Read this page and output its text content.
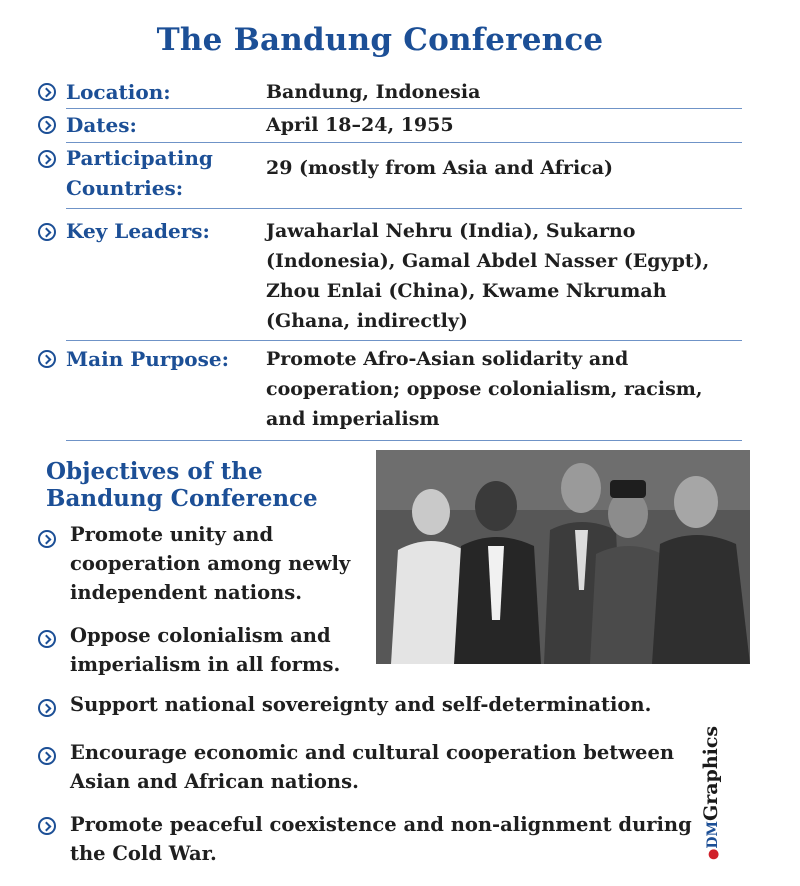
The Bandung Conference
Location:	Bandung, Indonesia
Dates:	April 18–24, 1955
Participating Countries:
29 (mostly from Asia and Africa)
Key Leaders:	Jawaharlal Nehru (India), Sukarno (Indonesia), Gamal Abdel Nasser (Egypt), Zhou Enlai (China), Kwame Nkrumah (Ghana, indirectly)
Main Purpose:	Promote Afro-Asian solidarity and cooperation; oppose colonialism, racism, and imperialism
Objectives of the Bandung Conference
Promote unity and cooperation among newly independent nations.
Oppose colonialism and imperialism in all forms.
Support national sovereignty and self-determination.
Encourage economic and cultural cooperation between Asian and African nations.
Promote peaceful coexistence and non-alignment during the Cold War.	●DMGraphics
